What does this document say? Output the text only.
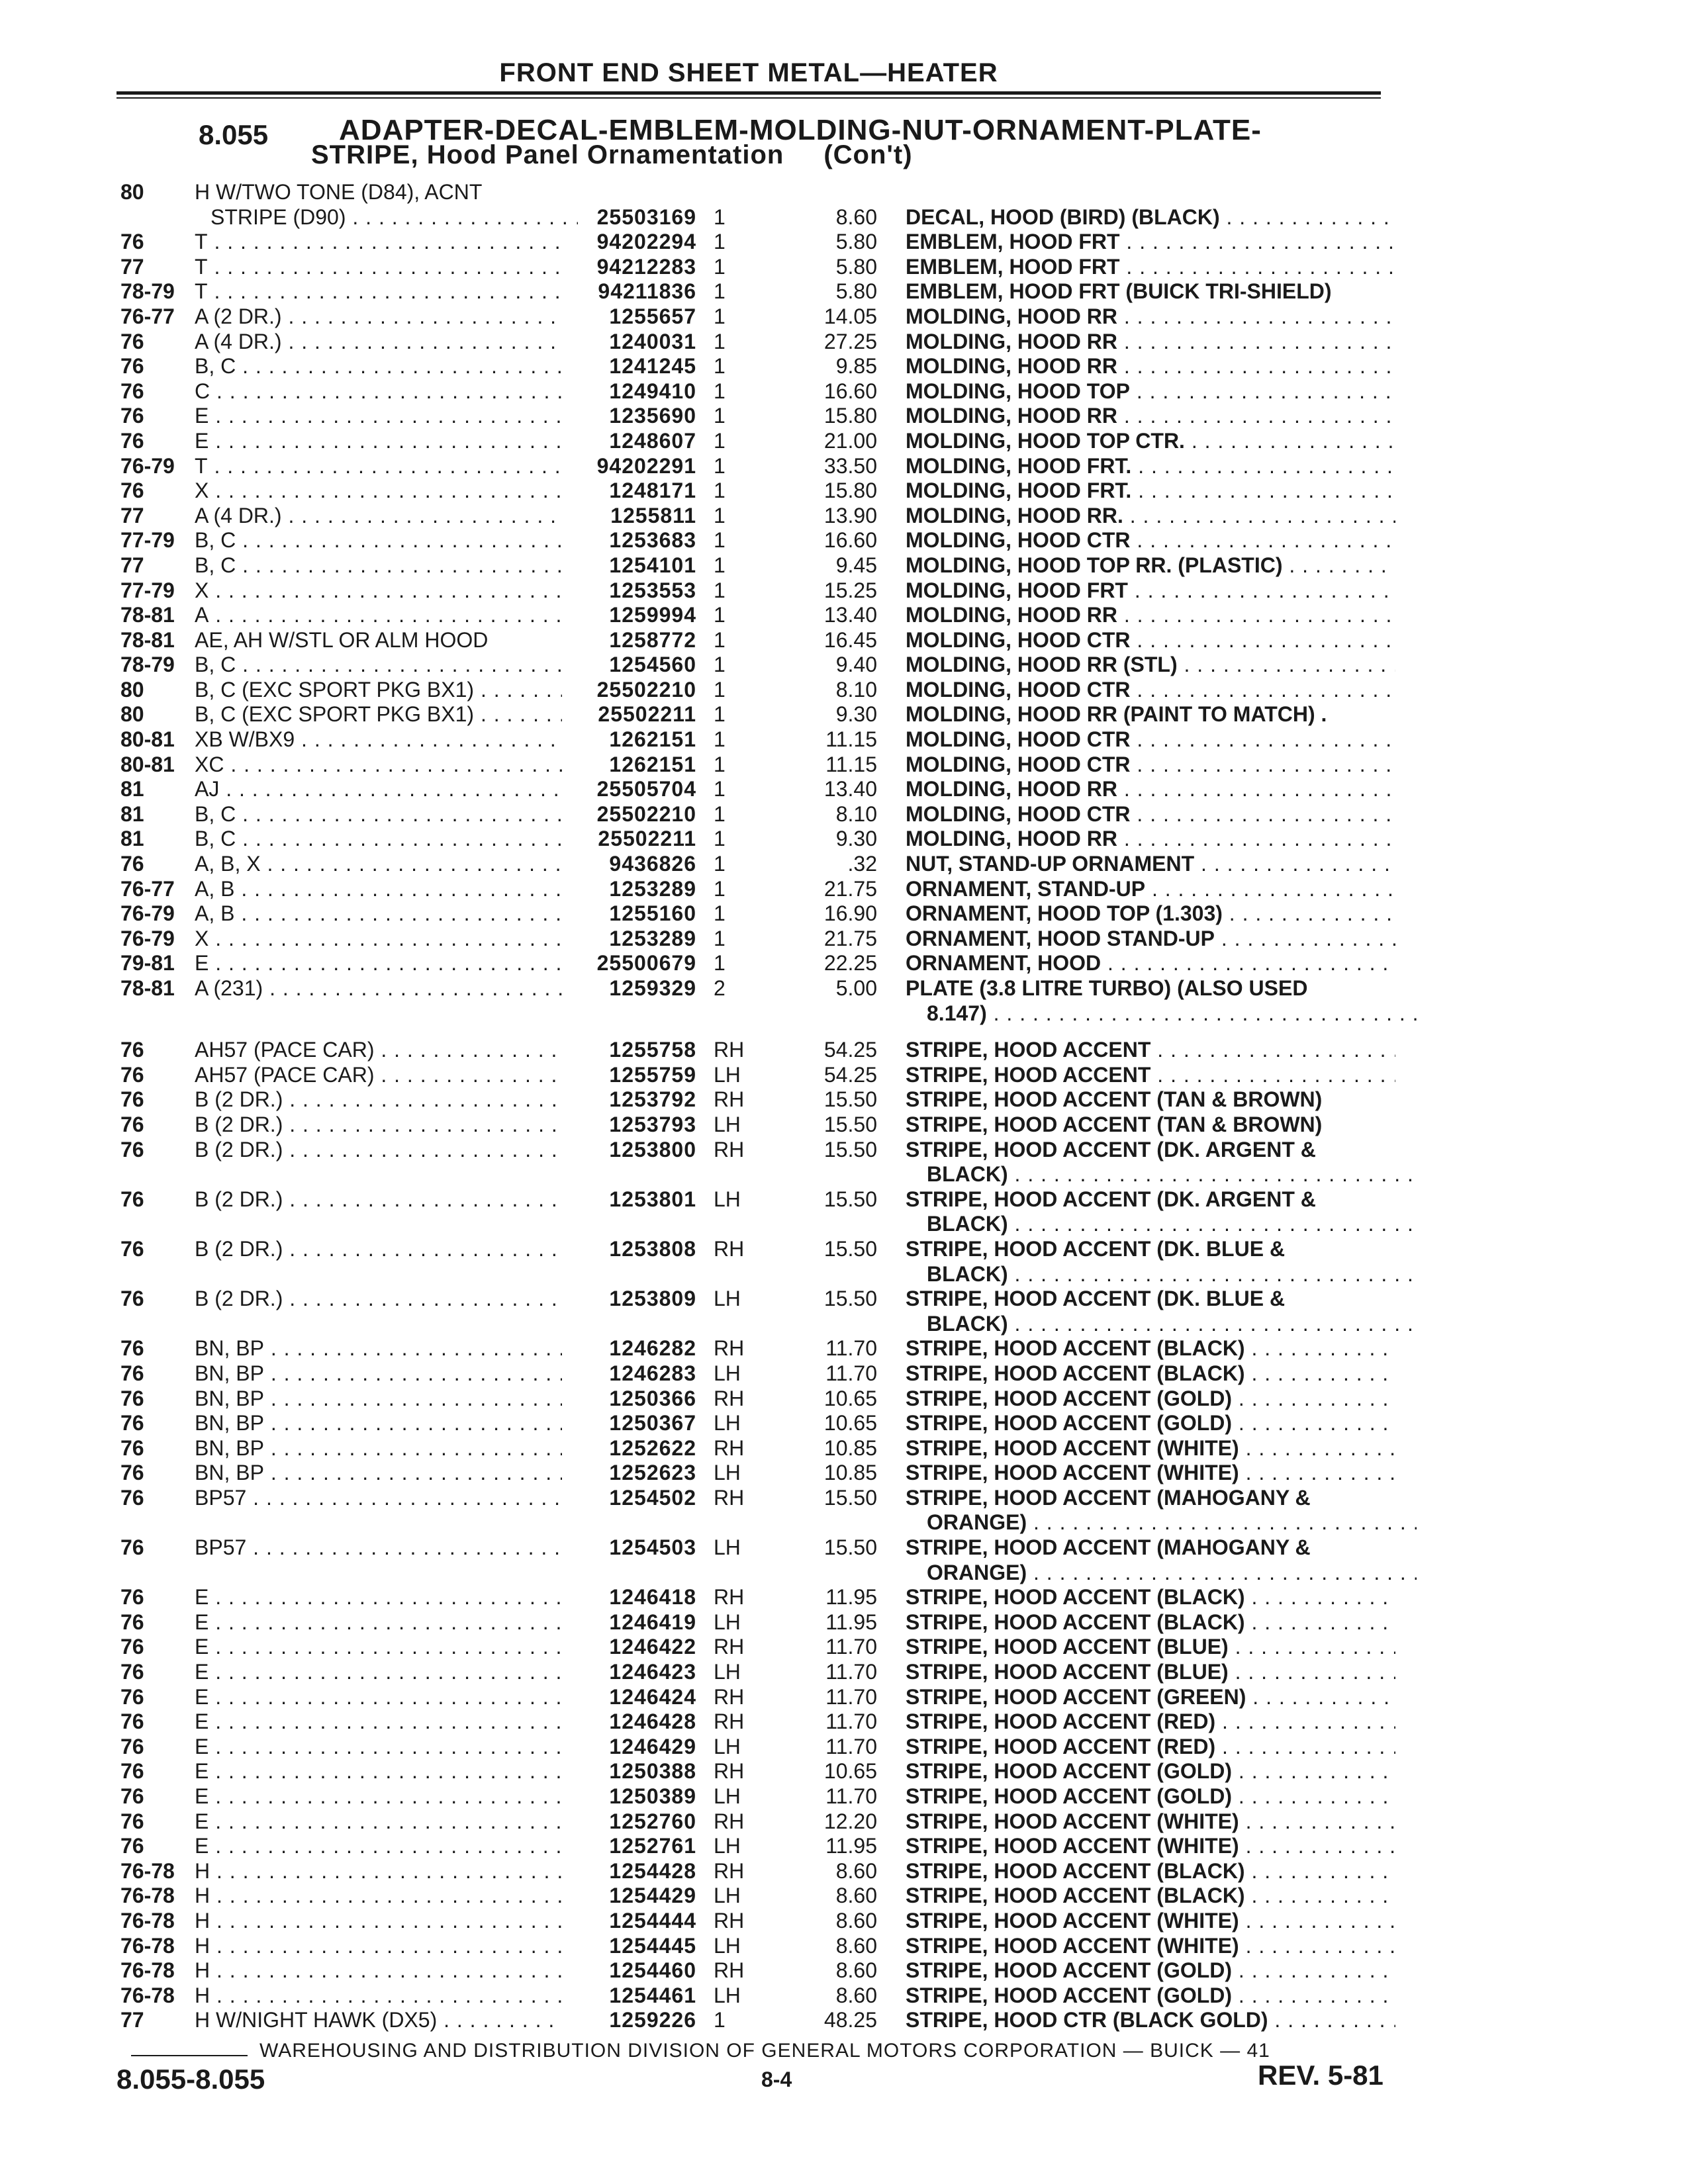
FRONT END SHEET METAL—HEATER
8.055 ADAPTER-DECAL-EMBLEM-MOLDING-NUT-ORNAMENT-PLATE-
STRIPE, Hood Panel Ornamentation (Con't)
80 H W/TWO TONE (D84), ACNT
STRIPE (D90) . . .	25503169 1	8.60 DECAL, HOOD (BIRD) (BLACK) . . .
76 T . . .	94202294 1	5.80 EMBLEM, HOOD FRT . . .
77 T . . .	94212283 1	5.80 EMBLEM, HOOD FRT . . .
78-79 T . . .	94211836 1	5.80 EMBLEM, HOOD FRT (BUICK TRI-SHIELD)
76-77 A (2 DR.) . . .	1255657 1	14.05 MOLDING, HOOD RR . . .
76 A (4 DR.) . . .	1240031 1	27.25 MOLDING, HOOD RR . . .
76 B, C . . .	1241245 1	9.85 MOLDING, HOOD RR . . .
76 C . . .	1249410 1	16.60 MOLDING, HOOD TOP . . .
76 E . . .	1235690 1	15.80 MOLDING, HOOD RR . . .
76 E . . .	1248607 1	21.00 MOLDING, HOOD TOP CTR. . . .
76-79 T . . .	94202291 1	33.50 MOLDING, HOOD FRT. . . .
76 X . . .	1248171 1	15.80 MOLDING, HOOD FRT. . . .
77 A (4 DR.) . . .	1255811 1	13.90 MOLDING, HOOD RR. . . .
77-79 B, C . . .	1253683 1	16.60 MOLDING, HOOD CTR . . .
77 B, C . . .	1254101 1	9.45 MOLDING, HOOD TOP RR. (PLASTIC) . . .
77-79 X . . .	1253553 1	15.25 MOLDING, HOOD FRT . . .
78-81 A . . .	1259994 1	13.40 MOLDING, HOOD RR . . .
78-81 AE, AH W/STL OR ALM HOOD	1258772 1	16.45 MOLDING, HOOD CTR . . .
78-79 B, C . . .	1254560 1	9.40 MOLDING, HOOD RR (STL) . . .
80 B, C (EXC SPORT PKG BX1) . . .	25502210 1	8.10 MOLDING, HOOD CTR . . .
80 B, C (EXC SPORT PKG BX1) . . .	25502211 1	9.30 MOLDING, HOOD RR (PAINT TO MATCH) .
80-81 XB W/BX9 . . .	1262151 1	11.15 MOLDING, HOOD CTR . . .
80-81 XC . . .	1262151 1	11.15 MOLDING, HOOD CTR . . .
81 AJ . . .	25505704 1	13.40 MOLDING, HOOD RR . . .
81 B, C . . .	25502210 1	8.10 MOLDING, HOOD CTR . . .
81 B, C . . .	25502211 1	9.30 MOLDING, HOOD RR . . .
76 A, B, X . . .	9436826 1	.32 NUT, STAND-UP ORNAMENT . . .
76-77 A, B . . .	1253289 1	21.75 ORNAMENT, STAND-UP . . .
76-79 A, B . . .	1255160 1	16.90 ORNAMENT, HOOD TOP (1.303) . . .
76-79 X . . .	1253289 1	21.75 ORNAMENT, HOOD STAND-UP . . .
79-81 E . . .	25500679 1	22.25 ORNAMENT, HOOD . . .
78-81 A (231) . . .	1259329 2	5.00 PLATE (3.8 LITRE TURBO) (ALSO USED
8.147) . . .
76 AH57 (PACE CAR) . . .	1255758 RH	54.25 STRIPE, HOOD ACCENT . . .
76 AH57 (PACE CAR) . . .	1255759 LH	54.25 STRIPE, HOOD ACCENT . . .
76 B (2 DR.) . . .	1253792 RH	15.50 STRIPE, HOOD ACCENT (TAN & BROWN)
76 B (2 DR.) . . .	1253793 LH	15.50 STRIPE, HOOD ACCENT (TAN & BROWN)
76 B (2 DR.) . . .	1253800 RH	15.50 STRIPE, HOOD ACCENT (DK. ARGENT &
BLACK) . . .
76 B (2 DR.) . . .	1253801 LH	15.50 STRIPE, HOOD ACCENT (DK. ARGENT &
BLACK) . . .
76 B (2 DR.) . . .	1253808 RH	15.50 STRIPE, HOOD ACCENT (DK. BLUE &
BLACK) . . .
76 B (2 DR.) . . .	1253809 LH	15.50 STRIPE, HOOD ACCENT (DK. BLUE &
BLACK) . . .
76 BN, BP . . .	1246282 RH	11.70 STRIPE, HOOD ACCENT (BLACK) . . .
76 BN, BP . . .	1246283 LH	11.70 STRIPE, HOOD ACCENT (BLACK) . . .
76 BN, BP . . .	1250366 RH	10.65 STRIPE, HOOD ACCENT (GOLD) . . .
76 BN, BP . . .	1250367 LH	10.65 STRIPE, HOOD ACCENT (GOLD) . . .
76 BN, BP . . .	1252622 RH	10.85 STRIPE, HOOD ACCENT (WHITE) . . .
76 BN, BP . . .	1252623 LH	10.85 STRIPE, HOOD ACCENT (WHITE) . . .
76 BP57 . . .	1254502 RH	15.50 STRIPE, HOOD ACCENT (MAHOGANY &
ORANGE) . . .
76 BP57 . . .	1254503 LH	15.50 STRIPE, HOOD ACCENT (MAHOGANY &
ORANGE) . . .
76 E . . .	1246418 RH	11.95 STRIPE, HOOD ACCENT (BLACK) . . .
76 E . . .	1246419 LH	11.95 STRIPE, HOOD ACCENT (BLACK) . . .
76 E . . .	1246422 RH	11.70 STRIPE, HOOD ACCENT (BLUE) . . .
76 E . . .	1246423 LH	11.70 STRIPE, HOOD ACCENT (BLUE) . . .
76 E . . .	1246424 RH	11.70 STRIPE, HOOD ACCENT (GREEN) . . .
76 E . . .	1246428 RH	11.70 STRIPE, HOOD ACCENT (RED) . . .
76 E . . .	1246429 LH	11.70 STRIPE, HOOD ACCENT (RED) . . .
76 E . . .	1250388 RH	10.65 STRIPE, HOOD ACCENT (GOLD) . . .
76 E . . .	1250389 LH	11.70 STRIPE, HOOD ACCENT (GOLD) . . .
76 E . . .	1252760 RH	12.20 STRIPE, HOOD ACCENT (WHITE) . . .
76 E . . .	1252761 LH	11.95 STRIPE, HOOD ACCENT (WHITE) . . .
76-78 H . . .	1254428 RH	8.60 STRIPE, HOOD ACCENT (BLACK) . . .
76-78 H . . .	1254429 LH	8.60 STRIPE, HOOD ACCENT (BLACK) . . .
76-78 H . . .	1254444 RH	8.60 STRIPE, HOOD ACCENT (WHITE) . . .
76-78 H . . .	1254445 LH	8.60 STRIPE, HOOD ACCENT (WHITE) . . .
76-78 H . . .	1254460 RH	8.60 STRIPE, HOOD ACCENT (GOLD) . . .
76-78 H . . .	1254461 LH	8.60 STRIPE, HOOD ACCENT (GOLD) . . .
77 H W/NIGHT HAWK (DX5) . . .	1259226 1	48.25 STRIPE, HOOD CTR (BLACK GOLD) . . .
WAREHOUSING AND DISTRIBUTION DIVISION OF GENERAL MOTORS CORPORATION — BUICK — 41
8.055-8.055	8-4	REV. 5-81
